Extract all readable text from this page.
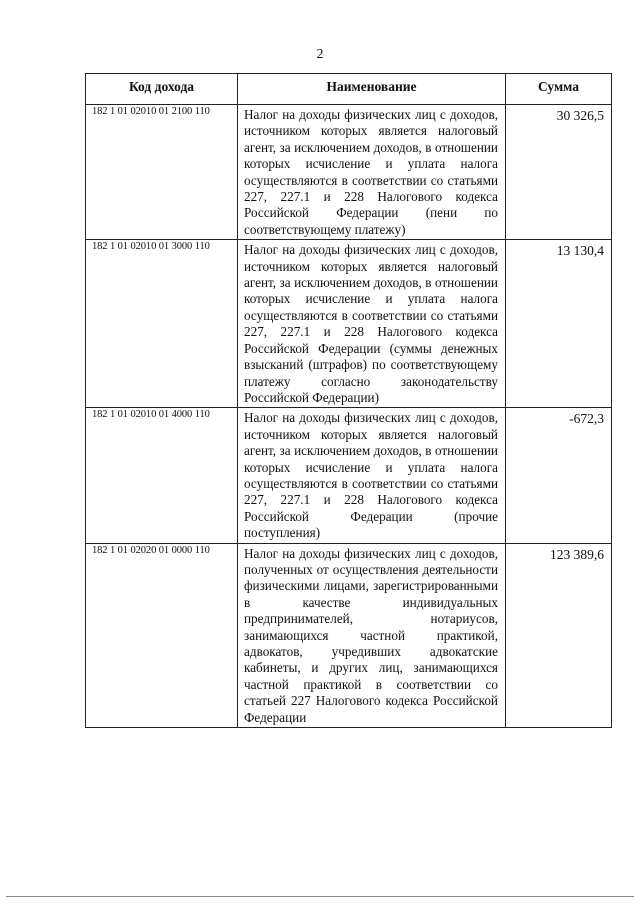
2
Код дохода	Наименование	Сумма
182 1 01 02010 01 2100 110	Налог на доходы физических лиц с доходов, источником которых является налоговый агент, за исключением доходов, в отношении которых исчисление и уплата налога осуществляются в соответствии со статьями 227, 227.1 и 228 Налогового кодекса Российской Федерации (пени по соответствующему платежу)	30 326,5
182 1 01 02010 01 3000 110	Налог на доходы физических лиц с доходов, источником которых является налоговый агент, за исключением доходов, в отношении которых исчисление и уплата налога осуществляются в соответствии со статьями 227, 227.1 и 228 Налогового кодекса Российской Федерации (суммы денежных взысканий (штрафов) по соответствующему платежу согласно законодательству Российской Федерации)	13 130,4
182 1 01 02010 01 4000 110	Налог на доходы физических лиц с доходов, источником которых является налоговый агент, за исключением доходов, в отношении которых исчисление и уплата налога осуществляются в соответствии со статьями 227, 227.1 и 228 Налогового кодекса Российской Федерации (прочие поступления)	-672,3
182 1 01 02020 01 0000 110	Налог на доходы физических лиц с доходов, полученных от осуществления деятельности физическими лицами, зарегистрированными в качестве индивидуальных предпринимателей, нотариусов, занимающихся частной практикой, адвокатов, учредивших адвокатские кабинеты, и других лиц, занимающихся частной практикой в соответствии со статьей 227 Налогового кодекса Российской Федерации	123 389,6
